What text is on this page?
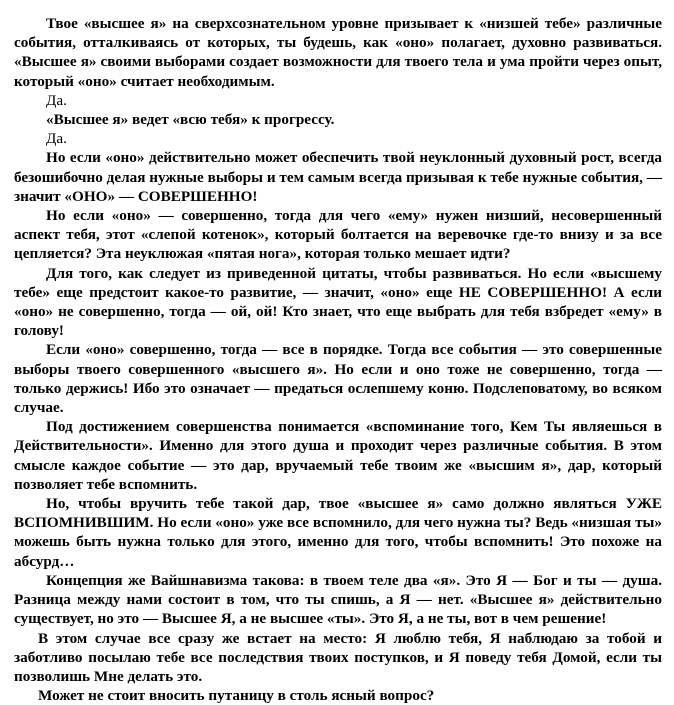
Твое «высшее я» на сверхсознательном уровне призывает к «низшей тебе» различные события, отталкиваясь от которых, ты будешь, как «оно» полагает, духовно развиваться. «Высшее я» своими выборами создает возможности для твоего тела и ума пройти через опыт, который «оно» считает необходимым.

Да.

«Высшее я» ведет «всю тебя» к прогрессу.

Да.

Но если «оно» действительно может обеспечить твой неуклонный духовный рост, всегда безошибочно делая нужные выборы и тем самым всегда призывая к тебе нужные события, — значит «ОНО» — СОВЕРШЕННО!

Но если «оно» — совершенно, тогда для чего «ему» нужен низший, несовершенный аспект тебя, этот «слепой котенок», который болтается на веревочке где-то внизу и за все цепляется? Эта неуклюжая «пятая нога», которая только мешает идти?

Для того, как следует из приведенной цитаты, чтобы развиваться. Но если «высшему тебе» еще предстоит какое-то развитие, — значит, «оно» еще НЕ СОВЕРШЕННО! А если «оно» не совершенно, тогда — ой, ой! Кто знает, что еще выбрать для тебя взбредет «ему» в голову!

Если «оно» совершенно, тогда — все в порядке. Тогда все события — это совершенные выборы твоего совершенного «высшего я». Но если и оно тоже не совершенно, тогда — только держись! Ибо это означает — предаться ослепшему коню. Подслеповатому, во всяком случае.

Под достижением совершенства понимается «вспоминание того, Кем Ты являешься в Действительности». Именно для этого душа и проходит через различные события. В этом смысле каждое событие — это дар, вручаемый тебе твоим же «высшим я», дар, который позволяет тебе вспомнить.

Но, чтобы вручить тебе такой дар, твое «высшее я» само должно являться УЖЕ ВСПОМНИВШИМ. Но если «оно» уже все вспомнило, для чего нужна ты? Ведь «низшая ты» можешь быть нужна только для этого, именно для того, чтобы вспомнить! Это похоже на абсурд…

Концепция же Вайшнавизма такова: в твоем теле два «я». Это Я — Бог и ты — душа. Разница между нами состоит в том, что ты спишь, а Я — нет. «Высшее я» действительно существует, но это — Высшее Я, а не высшее «ты». Это Я, а не ты, вот в чем решение!

В этом случае все сразу же встает на место: Я люблю тебя, Я наблюдаю за тобой и заботливо посылаю тебе все последствия твоих поступков, и Я поведу тебя Домой, если ты позволишь Мне делать это.

Может не стоит вносить путаницу в столь ясный вопрос?
